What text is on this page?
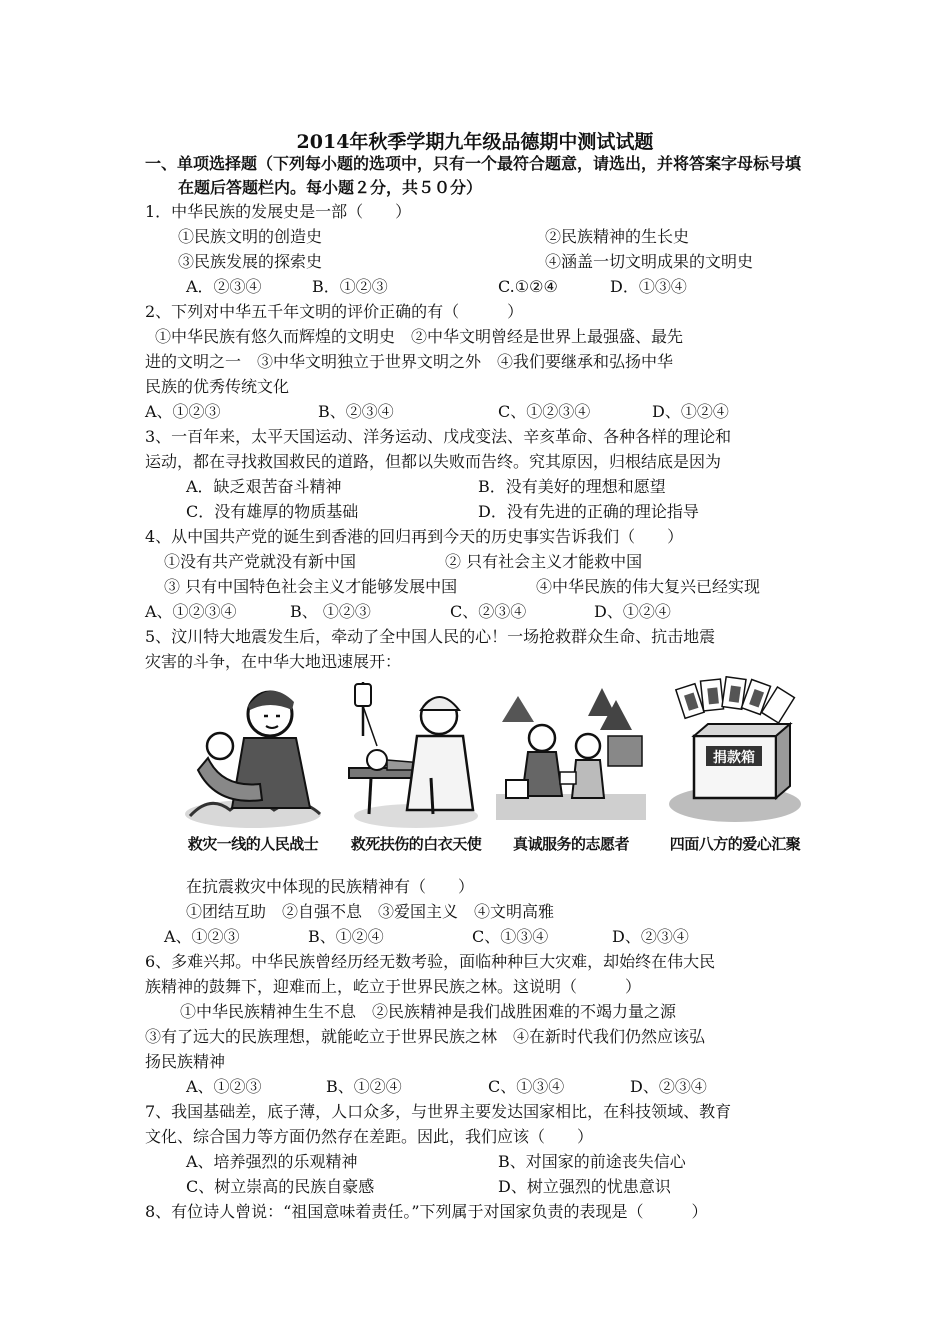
2014年秋季学期九年级品德期中测试试题
一、单项选择题（下列每小题的选项中，只有一个最符合题意，请选出，并将答案字母标号填
在题后答题栏内。每小题２分，共５０分）
1．中华民族的发展史是一部（　　）
①民族文明的创造史	②民族精神的生长史
③民族发展的探索史	④涵盖一切文明成果的文明史
A．②③④	B．①②③	C.①②④	D．①③④
2、下列对中华五千年文明的评价正确的有（　　　）
①中华民族有悠久而辉煌的文明史　②中华文明曾经是世界上最强盛、最先
进的文明之一　③中华文明独立于世界文明之外　④我们要继承和弘扬中华
民族的优秀传统文化
A、①②③	B、②③④	C、①②③④	D、①②④
3、一百年来，太平天国运动、洋务运动、戊戌变法、辛亥革命、各种各样的理论和
运动，都在寻找救国救民的道路，但都以失败而告终。究其原因，归根结底是因为
A．缺乏艰苦奋斗精神	B．没有美好的理想和愿望
C．没有雄厚的物质基础	D．没有先进的正确的理论指导
4、从中国共产党的诞生到香港的回归再到今天的历史事实告诉我们（　　）
①没有共产党就没有新中国	② 只有社会主义才能救中国
③ 只有中国特色社会主义才能够发展中国	④中华民族的伟大复兴已经实现
A、①②③④	B、 ①②③	C、②③④	D、①②④
5、汶川特大地震发生后，牵动了全中国人民的心！一场抢救群众生命、抗击地震
灾害的斗争，在中华大地迅速展开：
救灾一线的人民战士	救死扶伤的白衣天使	真诚服务的志愿者
捐款箱
四面八方的爱心汇聚
在抗震救灾中体现的民族精神有（　　）
①团结互助　②自强不息　③爱国主义　④文明高雅
A、①②③	B、①②④	C、①③④	D、②③④
6、多难兴邦。中华民族曾经历经无数考验，面临种种巨大灾难，却始终在伟大民
族精神的鼓舞下，迎难而上，屹立于世界民族之林。这说明（　　　）
　①中华民族精神生生不息　②民族精神是我们战胜困难的不竭力量之源
③有了远大的民族理想，就能屹立于世界民族之林　④在新时代我们仍然应该弘
扬民族精神
A、①②③	B、①②④	C、①③④	D、②③④
7、我国基础差，底子薄，人口众多，与世界主要发达国家相比，在科技领域、教育
文化、综合国力等方面仍然存在差距。因此，我们应该（　　）
A、培养强烈的乐观精神	B、对国家的前途丧失信心
C、树立崇高的民族自豪感	D、树立强烈的忧患意识
8、有位诗人曾说：“祖国意味着责任。”下列属于对国家负责的表现是（　　　）
